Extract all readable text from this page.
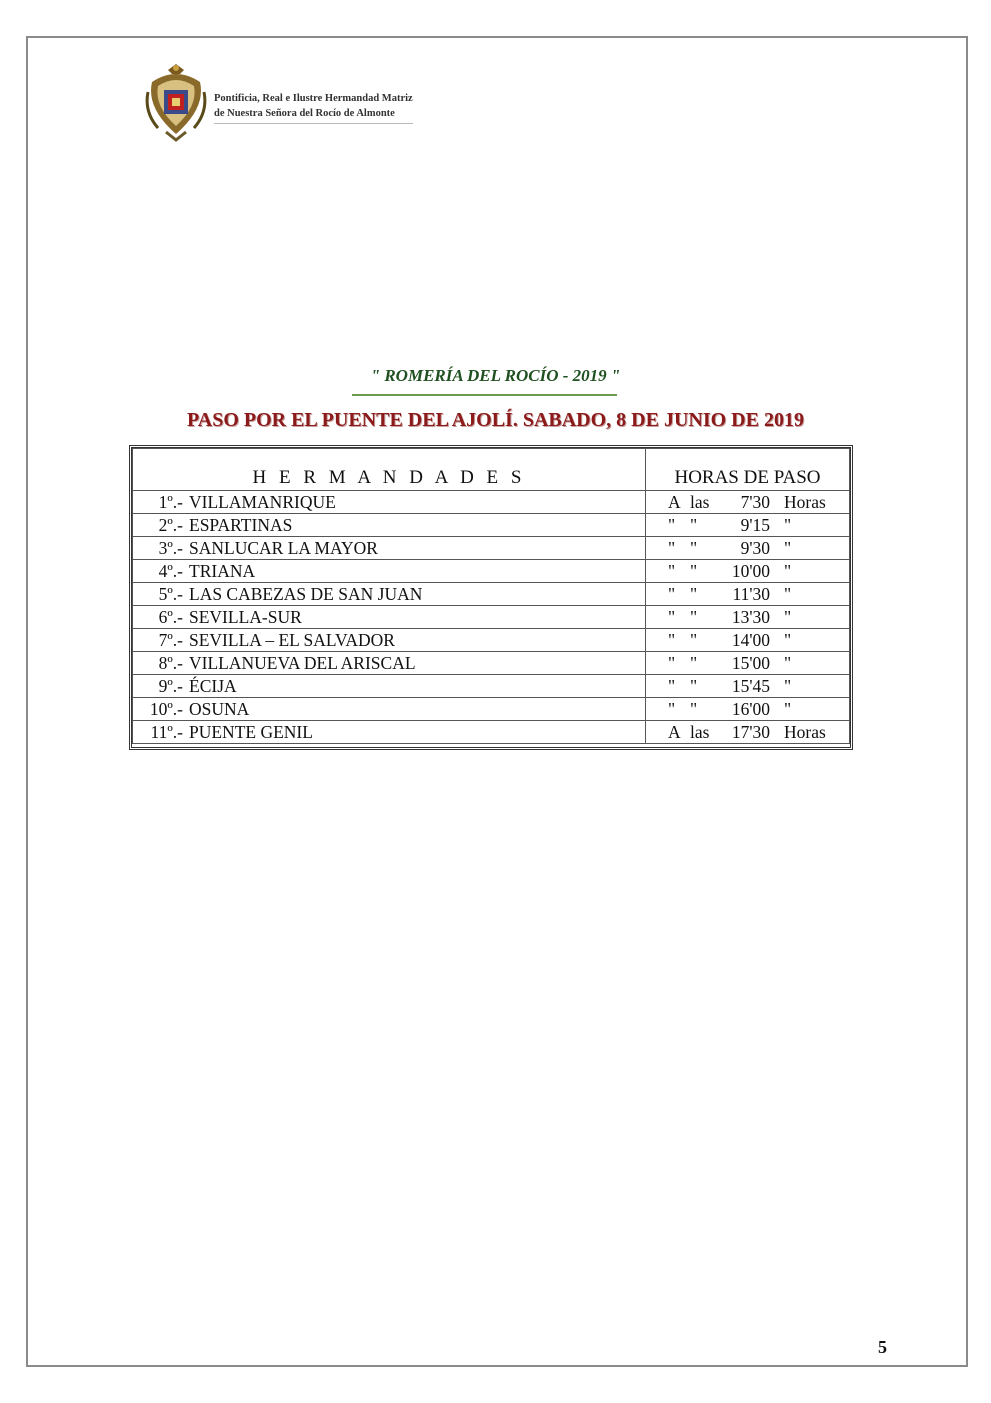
Pontificia, Real e Ilustre Hermandad Matriz
de Nuestra Señora del Rocío de Almonte
" ROMERÍA DEL ROCÍO - 2019 "
PASO POR EL PUENTE DEL AJOLÍ. SABADO, 8 DE JUNIO DE 2019
H E R M A N D A D E S	HORAS DE PASO
1º.- VILLAMANRIQUE	A las 7'30 Horas
2º.- ESPARTINAS	" " 9'15 "
3º.- SANLUCAR LA MAYOR	" " 9'30 "
4º.- TRIANA	" " 10'00 "
5º.- LAS CABEZAS DE SAN JUAN	" " 11'30 "
6º.- SEVILLA-SUR	" " 13'30 "
7º.- SEVILLA – EL SALVADOR	" " 14'00 "
8º.- VILLANUEVA DEL ARISCAL	" " 15'00 "
9º.- ÉCIJA	" " 15'45 "
10º.- OSUNA	" " 16'00 "
11º.- PUENTE GENIL	A las 17'30 Horas
5
